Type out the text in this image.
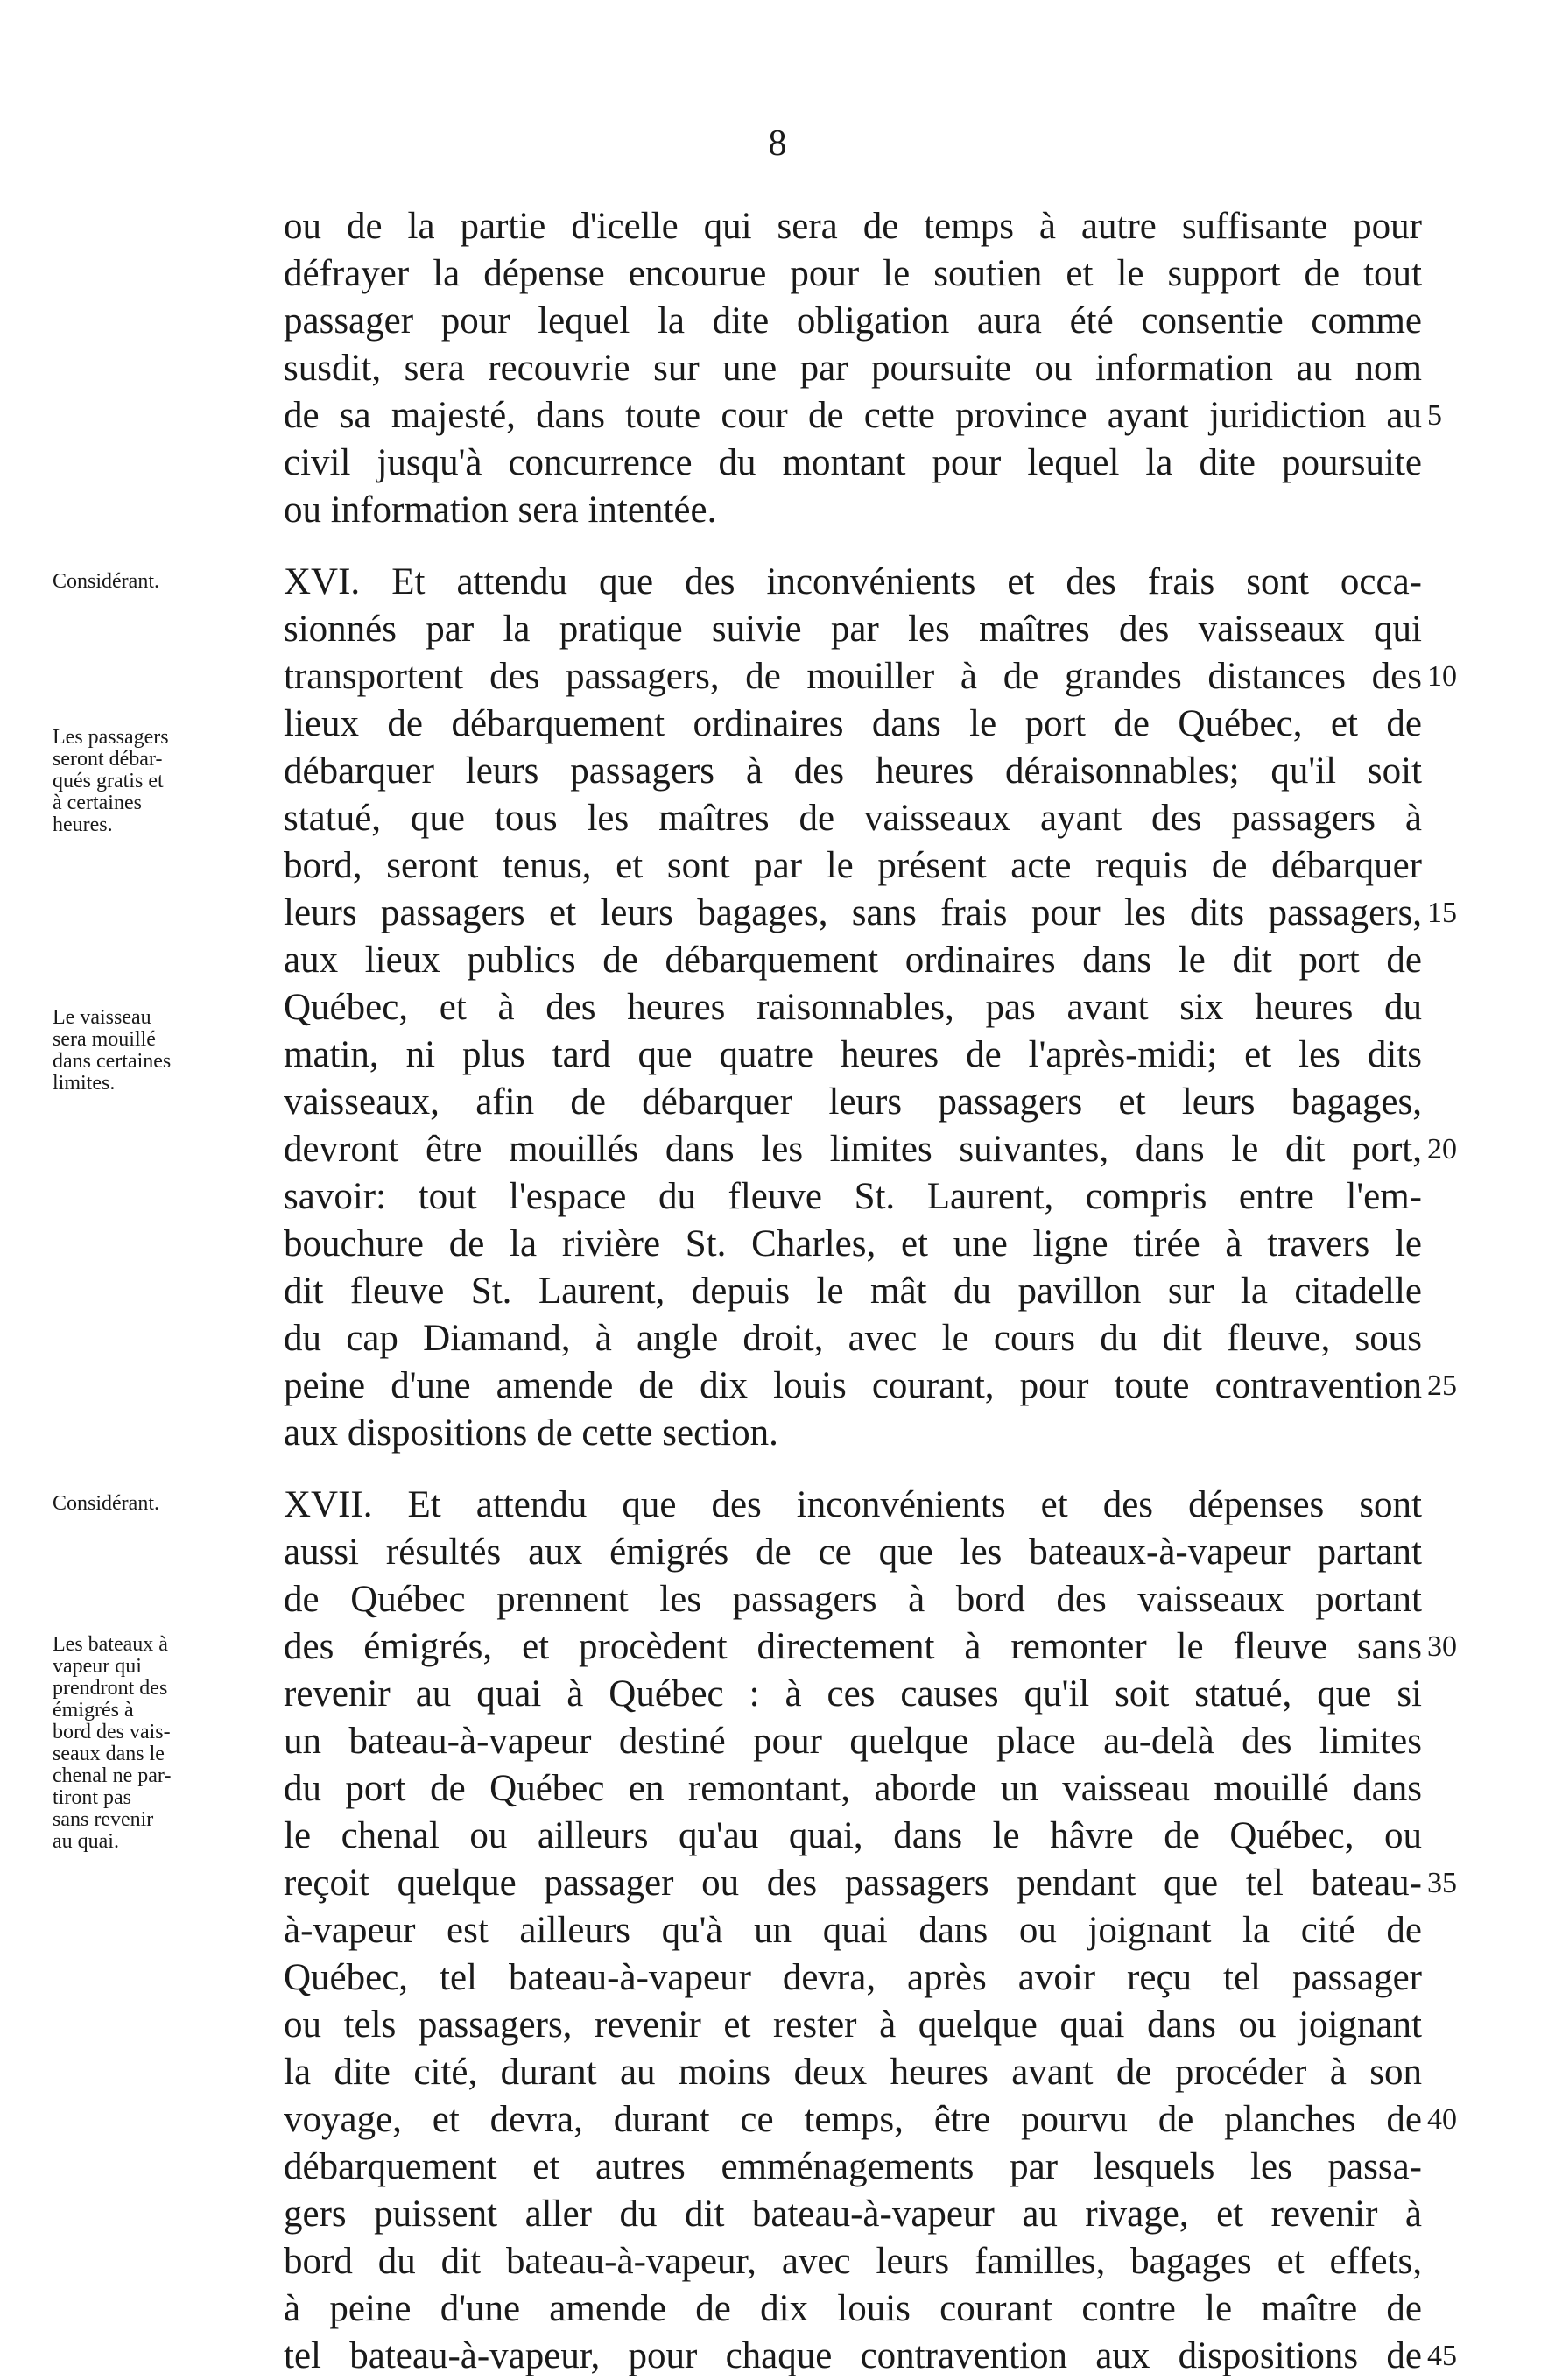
8
ou de la partie d'icelle qui sera de temps à autre suffisante pour
défrayer la dépense encourue pour le soutien et le support de tout
passager pour lequel la dite obligation aura été consentie comme
susdit, sera recouvrie sur une par poursuite ou information au nom
de sa majesté, dans toute cour de cette province ayant juridiction au
civil jusqu'à concurrence du montant pour lequel la dite poursuite
ou information sera intentée.
XVI. Et attendu que des inconvénients et des frais sont occa-
sionnés par la pratique suivie par les maîtres des vaisseaux qui
transportent des passagers, de mouiller à de grandes distances des
lieux de débarquement ordinaires dans le port de Québec, et de
débarquer leurs passagers à des heures déraisonnables; qu'il soit
statué, que tous les maîtres de vaisseaux ayant des passagers à
bord, seront tenus, et sont par le présent acte requis de débarquer
leurs passagers et leurs bagages, sans frais pour les dits passagers,
aux lieux publics de débarquement ordinaires dans le dit port de
Québec, et à des heures raisonnables, pas avant six heures du
matin, ni plus tard que quatre heures de l'après-midi; et les dits
vaisseaux, afin de débarquer leurs passagers et leurs bagages,
devront être mouillés dans les limites suivantes, dans le dit port,
savoir: tout l'espace du fleuve St. Laurent, compris entre l'em-
bouchure de la rivière St. Charles, et une ligne tirée à travers le
dit fleuve St. Laurent, depuis le mât du pavillon sur la citadelle
du cap Diamand, à angle droit, avec le cours du dit fleuve, sous
peine d'une amende de dix louis courant, pour toute contravention
aux dispositions de cette section.
XVII. Et attendu que des inconvénients et des dépenses sont
aussi résultés aux émigrés de ce que les bateaux-à-vapeur partant
de Québec prennent les passagers à bord des vaisseaux portant
des émigrés, et procèdent directement à remonter le fleuve sans
revenir au quai à Québec : à ces causes qu'il soit statué, que si
un bateau-à-vapeur destiné pour quelque place au-delà des limites
du port de Québec en remontant, aborde un vaisseau mouillé dans
le chenal ou ailleurs qu'au quai, dans le hâvre de Québec, ou
reçoit quelque passager ou des passagers pendant que tel bateau-
à-vapeur est ailleurs qu'à un quai dans ou joignant la cité de
Québec, tel bateau-à-vapeur devra, après avoir reçu tel passager
ou tels passagers, revenir et rester à quelque quai dans ou joignant
la dite cité, durant au moins deux heures avant de procéder à son
voyage, et devra, durant ce temps, être pourvu de planches de
débarquement et autres emménagements par lesquels les passa-
gers puissent aller du dit bateau-à-vapeur au rivage, et revenir à
bord du dit bateau-à-vapeur, avec leurs familles, bagages et effets,
à peine d'une amende de dix louis courant contre le maître de
tel bateau-à-vapeur, pour chaque contravention aux dispositions de
5
10
15
20
25
30
35
40
45
Considérant.
Les passagers
seront débar-
qués gratis et
à certaines
heures.
Le vaisseau
sera mouillé
dans certaines
limites.
Considérant.
Les bateaux à
vapeur qui
prendront des
émigrés à
bord des vais-
seaux dans le
chenal ne par-
tiront pas
sans revenir
au quai.
